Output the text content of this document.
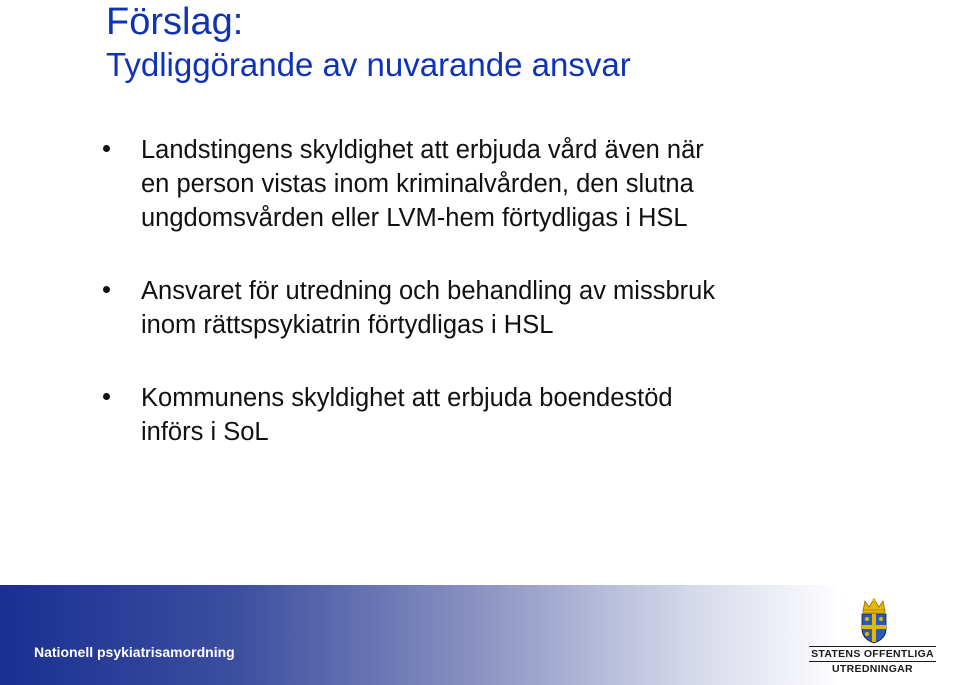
Förslag:
Tydliggörande av nuvarande ansvar
Landstingens skyldighet att erbjuda vård även när
en person vistas inom kriminalvården, den slutna
ungdomsvården eller LVM-hem förtydligas i HSL
Ansvaret för utredning och behandling av missbruk
inom rättspsykiatrin förtydligas i HSL
Kommunens skyldighet att erbjuda boendestöd
införs i SoL
Nationell psykiatrisamordning	STATENS OFFENTLIGA
UTREDNINGAR
